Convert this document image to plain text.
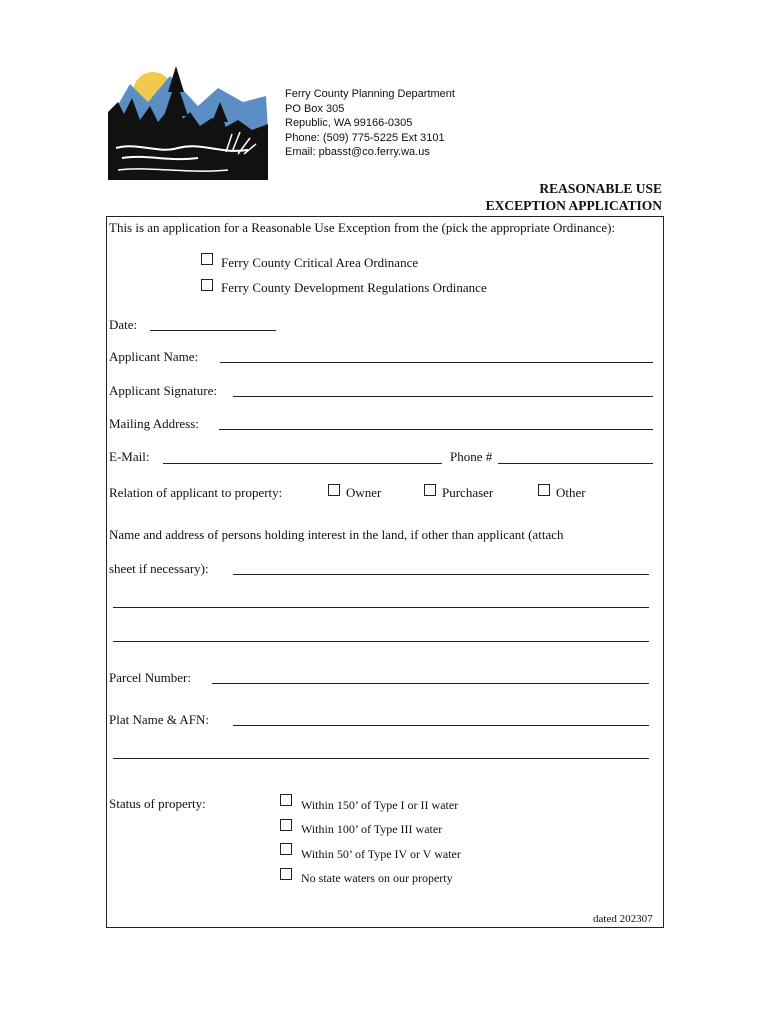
Ferry County Planning Department
PO Box 305
Republic, WA 99166-0305
Phone: (509) 775-5225 Ext 3101
Email: pbasst@co.ferry.wa.us
REASONABLE USE
EXCEPTION APPLICATION
This is an application for a Reasonable Use Exception from the (pick the appropriate Ordinance):
Ferry County Critical Area Ordinance
Ferry County Development Regulations Ordinance
Date:
Applicant Name:
Applicant Signature:
Mailing Address:
E-Mail:	Phone #
Relation of applicant to property:	Owner	Purchaser	Other
Name and address of persons holding interest in the land, if other than applicant (attach
sheet if necessary):
Parcel Number:
Plat Name & AFN:
Status of property:	Within 150’ of Type I or II water
Within 100’ of Type III water
Within 50’ of Type IV or V water
No state waters on our property
dated 202307
